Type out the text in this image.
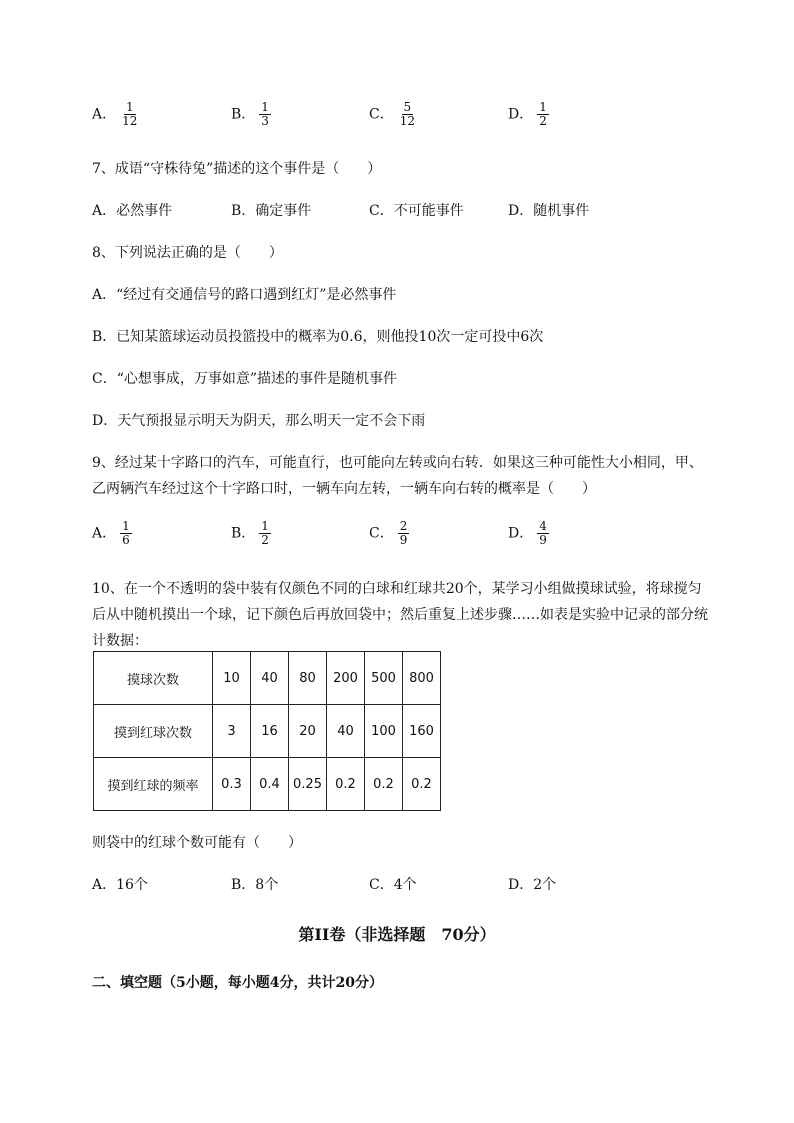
A． $\frac{1}{12}$	B． $\frac{1}{3}$	C． $\frac{5}{12}$	D． $\frac{1}{2}$
7、成语“守株待兔”描述的这个事件是（　　）
A．必然事件	B．确定事件	C．不可能事件	D．随机事件
8、下列说法正确的是（　　）
A．“经过有交通信号的路口遇到红灯”是必然事件
B．已知某篮球运动员投篮投中的概率为0.6，则他投10次一定可投中6次
C．“心想事成，万事如意”描述的事件是随机事件
D．天气预报显示明天为阴天，那么明天一定不会下雨
9、经过某十字路口的汽车，可能直行，也可能向左转或向右转．如果这三种可能性大小相同，甲、
乙两辆汽车经过这个十字路口时，一辆车向左转，一辆车向右转的概率是（　　）
A． $\frac{1}{6}$	B． $\frac{1}{2}$	C． $\frac{2}{9}$	D． $\frac{4}{9}$
10、在一个不透明的袋中装有仅颜色不同的白球和红球共20个，某学习小组做摸球试验，将球搅匀
后从中随机摸出一个球，记下颜色后再放回袋中；然后重复上述步骤……如表是实验中记录的部分统
计数据：
摸球次数	10	40	80	200	500	800
摸到红球次数	3	16	20	40	100	160
摸到红球的频率	0.3	0.4	0.25	0.2	0.2	0.2
则袋中的红球个数可能有（　　）
A．16个	B．8个	C．4个	D．2个
第II卷（非选择题　70分）
二、填空题（5小题，每小题4分，共计20分）
